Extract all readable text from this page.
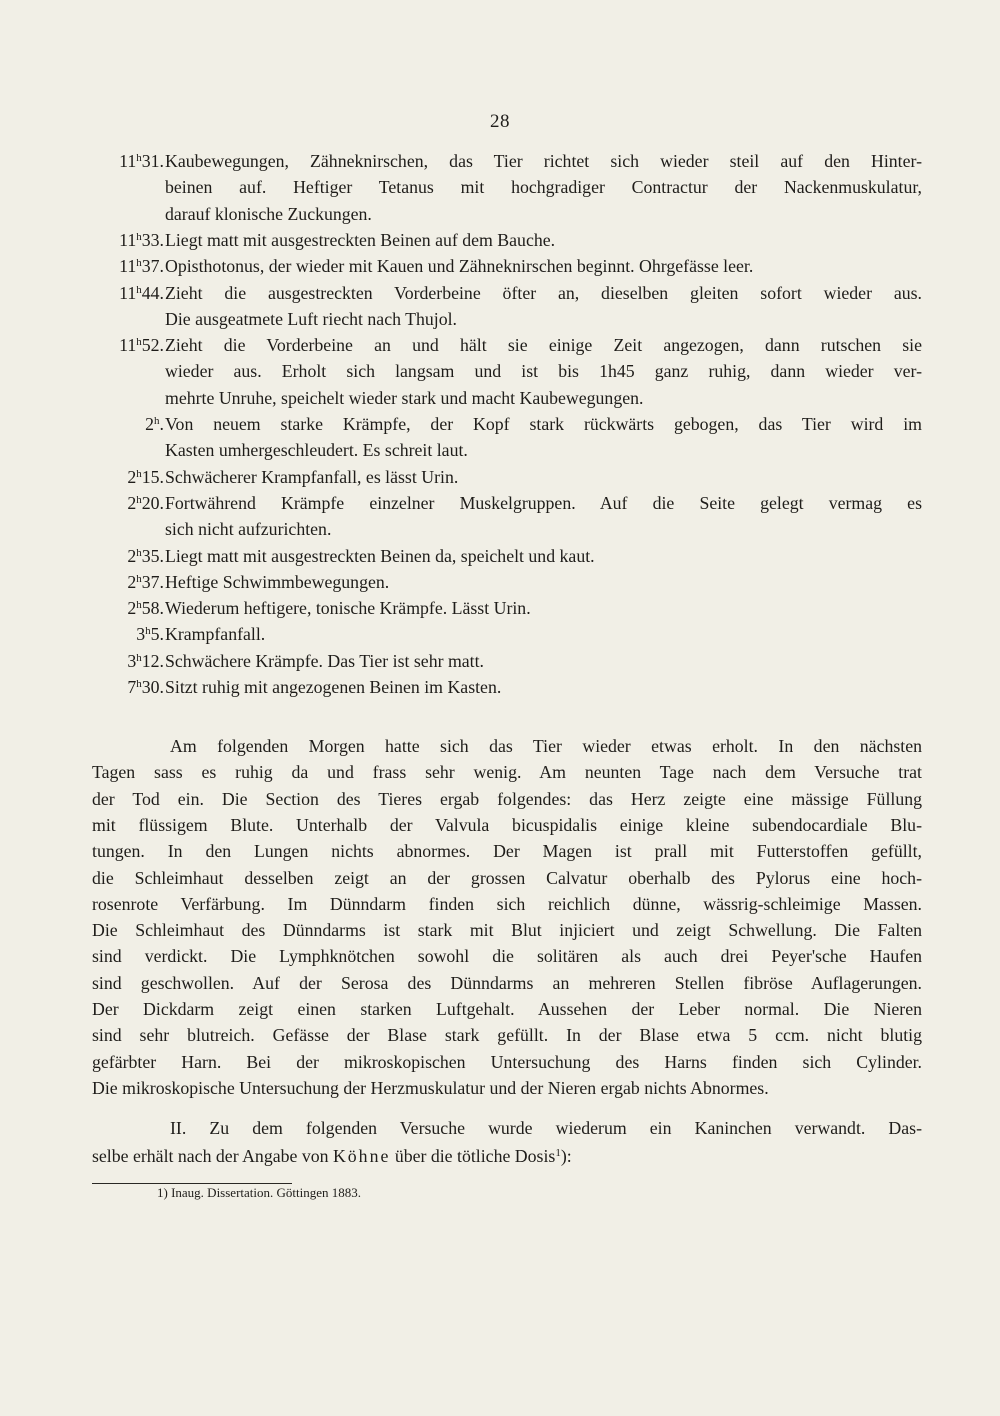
28
11$^h$31. Kaubewegungen, Zähneknirschen, das Tier richtet sich wieder steil auf den Hinter-
beinen auf. Heftiger Tetanus mit hochgradiger Contractur der Nackenmuskulatur,
darauf klonische Zuckungen.
11$^h$33. Liegt matt mit ausgestreckten Beinen auf dem Bauche.
11$^h$37. Opisthotonus, der wieder mit Kauen und Zähneknirschen beginnt. Ohrgefässe leer.
11$^h$44. Zieht die ausgestreckten Vorderbeine öfter an, dieselben gleiten sofort wieder aus.
Die ausgeatmete Luft riecht nach Thujol.
11$^h$52. Zieht die Vorderbeine an und hält sie einige Zeit angezogen, dann rutschen sie
wieder aus. Erholt sich langsam und ist bis 1h45 ganz ruhig, dann wieder ver-
mehrte Unruhe, speichelt wieder stark und macht Kaubewegungen.
2$^h$. Von neuem starke Krämpfe, der Kopf stark rückwärts gebogen, das Tier wird im
Kasten umhergeschleudert. Es schreit laut.
2$^h$15. Schwächerer Krampfanfall, es lässt Urin.
2$^h$20. Fortwährend Krämpfe einzelner Muskelgruppen. Auf die Seite gelegt vermag es
sich nicht aufzurichten.
2$^h$35. Liegt matt mit ausgestreckten Beinen da, speichelt und kaut.
2$^h$37. Heftige Schwimmbewegungen.
2$^h$58. Wiederum heftigere, tonische Krämpfe. Lässt Urin.
3$^h$5. Krampfanfall.
3$^h$12. Schwächere Krämpfe. Das Tier ist sehr matt.
7$^h$30. Sitzt ruhig mit angezogenen Beinen im Kasten.
Am folgenden Morgen hatte sich das Tier wieder etwas erholt. In den nächsten
Tagen sass es ruhig da und frass sehr wenig. Am neunten Tage nach dem Versuche trat
der Tod ein. Die Section des Tieres ergab folgendes: das Herz zeigte eine mässige Füllung
mit flüssigem Blute. Unterhalb der Valvula bicuspidalis einige kleine subendocardiale Blu-
tungen. In den Lungen nichts abnormes. Der Magen ist prall mit Futterstoffen gefüllt,
die Schleimhaut desselben zeigt an der grossen Calvatur oberhalb des Pylorus eine hoch-
rosenrote Verfärbung. Im Dünndarm finden sich reichlich dünne, wässrig-schleimige Massen.
Die Schleimhaut des Dünndarms ist stark mit Blut injiciert und zeigt Schwellung. Die Falten
sind verdickt. Die Lymphknötchen sowohl die solitären als auch drei Peyer'sche Haufen
sind geschwollen. Auf der Serosa des Dünndarms an mehreren Stellen fibröse Auflagerungen.
Der Dickdarm zeigt einen starken Luftgehalt. Aussehen der Leber normal. Die Nieren
sind sehr blutreich. Gefässe der Blase stark gefüllt. In der Blase etwa 5 ccm. nicht blutig
gefärbter Harn. Bei der mikroskopischen Untersuchung des Harns finden sich Cylinder.
Die mikroskopische Untersuchung der Herzmuskulatur und der Nieren ergab nichts Abnormes.
II. Zu dem folgenden Versuche wurde wiederum ein Kaninchen verwandt. Das-
selbe erhält nach der Angabe von Köhne über die tötliche Dosis$^1$):
1) Inaug. Dissertation. Göttingen 1883.
